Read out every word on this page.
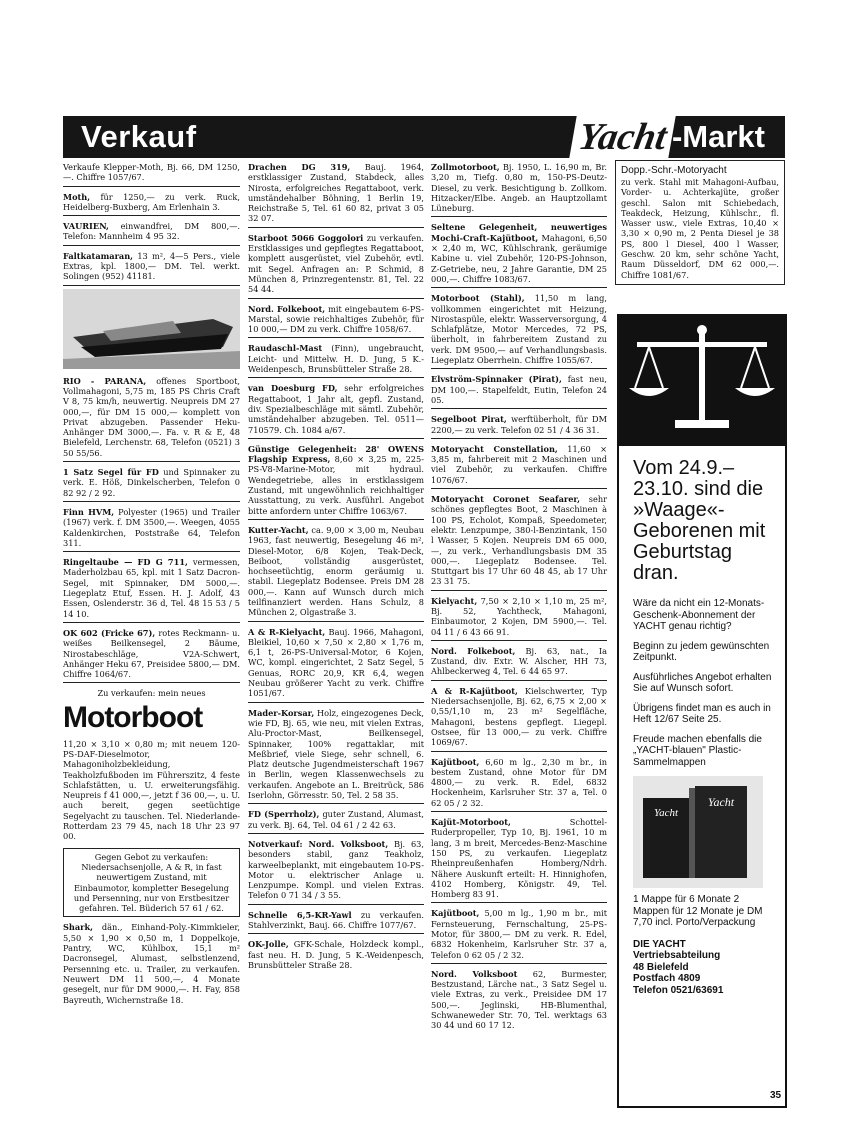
Verkauf	Yacht -Markt
Verkaufe Klepper-Moth, Bj. 66, DM 1250,—. Chiffre 1057/67.
Moth, für 1250,— zu verk. Ruck, Heidelberg-Buxberg, Am Erlenhain 3.
VAURIEN, einwandfrei, DM 800,—. Telefon: Mannheim 4 95 32.
Faltkatamaran, 13 m², 4—5 Pers., viele Extras, kpl. 1800,— DM. Tel. werkt. Solingen (952) 41181.
RIO - PARANA, offenes Sportboot, Vollmahagoni, 5,75 m, 185 PS Chris Craft V 8, 75 km/h, neuwertig. Neupreis DM 27 000,—, für DM 15 000,— komplett von Privat abzugeben. Passender Heku-Anhänger DM 3000,—. Fa. v. R & E, 48 Bielefeld, Lerchenstr. 68, Telefon (0521) 3 50 55/56.
1 Satz Segel für FD und Spinnaker zu verk. E. Höß, Dinkelscherben, Telefon 0 82 92 / 2 92.
Finn HVM, Polyester (1965) und Trailer (1967) verk. f. DM 3500,—. Weegen, 4055 Kaldenkirchen, Poststraße 64, Telefon 311.
Ringeltaube — FD G 711, vermessen, Maderholzbau 65, kpl. mit 1 Satz Dacron-Segel, mit Spinnaker, DM 5000,—. Liegeplatz Etuf, Essen. H. J. Adolf, 43 Essen, Oslenderstr. 36 d, Tel. 48 15 53 / 5 14 10.
OK 602 (Fricke 67), rotes Reckmann- u. weißes Beilkensegel, 2 Bäume, Nirostabeschläge, V2A-Schwert, Anhänger Heku 67, Preisidee 5800,— DM. Chiffre 1064/67.
Zu verkaufen: mein neues
Motorboot
11,20 × 3,10 × 0,80 m; mit neuem 120-PS-DAF-Dieselmotor, Mahagoniholzbekleidung, Teakholzfußboden im Führerszitz, 4 feste Schlafstätten, u. U. erweiterungsfähig. Neupreis f 41 000,—, jetzt f 36 00,—, u. U. auch bereit, gegen seetüchtige Segelyacht zu tauschen. Tel. Niederlande-Rotterdam 23 79 45, nach 18 Uhr 23 97 00.
Gegen Gebot zu verkaufen: Niedersachsenjolle, A & R, in fast neuwertigem Zustand, mit Einbaumotor, kompletter Besegelung und Persenning, nur von Erstbesitzer gefahren. Tel. Büderich 57 61 / 62.
Shark, dän., Einhand-Poly.-Kimmkieler, 5,50 × 1,90 × 0,50 m, 1 Doppelkoje, Pantry, WC, Kühlbox, 15,1 m² Dacronsegel, Alumast, selbstlenzend, Persenning etc. u. Trailer, zu verkaufen. Neuwert DM 11 500,—, 4 Monate gesegelt, nur für DM 9000,—. H. Fay, 858 Bayreuth, Wichernstraße 18.
Drachen DG 319, Bauj. 1964, erstklassiger Zustand, Stabdeck, alles Nirosta, erfolgreiches Regattaboot, verk. umständehalber Böhning, 1 Berlin 19, Reichstraße 5, Tel. 61 60 82, privat 3 05 32 07.
Starboot 5066 Goggolori zu verkaufen. Erstklassiges und gepflegtes Regattaboot, komplett ausgerüstet, viel Zubehör, evtl. mit Segel. Anfragen an: P. Schmid, 8 München 8, Prinzregentenstr. 81, Tel. 22 54 44.
Nord. Folkeboot, mit eingebautem 6-PS-Marstal, sowie reichhaltiges Zubehör, für 10 000,— DM zu verk. Chiffre 1058/67.
Raudaschl-Mast (Finn), ungebraucht, Leicht- und Mittelw. H. D. Jung, 5 K.-Weidenpesch, Brunsbütteler Straße 28.
van Doesburg FD, sehr erfolgreiches Regattaboot, 1 Jahr alt, gepfl. Zustand, div. Spezialbeschläge mit sämtl. Zubehör, umständehalber abzugeben. Tel. 0511—710579. Ch. 1084 a/67.
Günstige Gelegenheit: 28' OWENS Flagship Express, 8,60 × 3,25 m, 225-PS-V8-Marine-Motor, mit hydraul. Wendegetriebe, alles in erstklassigem Zustand, mit ungewöhnlich reichhaltiger Ausstattung, zu verk. Ausführl. Angebot bitte anfordern unter Chiffre 1063/67.
Kutter-Yacht, ca. 9,00 × 3,00 m, Neubau 1963, fast neuwertig, Besegelung 46 m², Diesel-Motor, 6/8 Kojen, Teak-Deck, Beiboot, vollständig ausgerüstet, hochseetüchtig, enorm geräumig u. stabil. Liegeplatz Bodensee. Preis DM 28 000,—. Kann auf Wunsch durch mich teilfinanziert werden. Hans Schulz, 8 München 2, Olgastraße 3.
A & R-Kielyacht, Bauj. 1966, Mahagoni, Bleikiel, 10,60 × 7,50 × 2,80 × 1,76 m, 6,1 t, 26-PS-Universal-Motor, 6 Kojen, WC, kompl. eingerichtet, 2 Satz Segel, 5 Genuas, RORC 20,9, KR 6,4, wegen Neubau größerer Yacht zu verk. Chiffre 1051/67.
Mader-Korsar, Holz, eingezogenes Deck, wie FD, Bj. 65, wie neu, mit vielen Extras, Alu-Proctor-Mast, Beilkensegel, Spinnaker, 100% regattaklar, mit Meßbrief, viele Siege, sehr schnell, 6. Platz deutsche Jugendmeisterschaft 1967 in Berlin, wegen Klassenwechsels zu verkaufen. Angebote an L. Breitrück, 586 Iserlohn, Görresstr. 50, Tel. 2 58 35.
FD (Sperrholz), guter Zustand, Alumast, zu verk. Bj. 64, Tel. 04 61 / 2 42 63.
Notverkauf: Nord. Volksboot, Bj. 63, besonders stabil, ganz Teakholz, karweelbeplankt, mit eingebautem 10-PS-Motor u. elektrischer Anlage u. Lenzpumpe. Kompl. und vielen Extras. Telefon 0 71 34 / 3 55.
Schnelle 6,5-KR-Yawl zu verkaufen. Stahlverzinkt, Bauj. 66. Chiffre 1077/67.
OK-Jolle, GFK-Schale, Holzdeck kompl., fast neu. H. D. Jung, 5 K.-Weidenpesch, Brunsbütteler Straße 28.
Zollmotorboot, Bj. 1950, L. 16,90 m, Br. 3,20 m, Tiefg. 0,80 m, 150-PS-Deutz-Diesel, zu verk. Besichtigung b. Zollkom. Hitzacker/Elbe. Angeb. an Hauptzollamt Lüneburg.
Seltene Gelegenheit, neuwertiges Mochi-Craft-Kajütboot, Mahagoni, 6,50 × 2,40 m, WC, Kühlschrank, geräumige Kabine u. viel Zubehör, 120-PS-Johnson, Z-Getriebe, neu, 2 Jahre Garantie, DM 25 000,—. Chiffre 1083/67.
Motorboot (Stahl), 11,50 m lang, vollkommen eingerichtet mit Heizung, Nirostaspüle, elektr. Wasserversorgung, 4 Schlafplätze, Motor Mercedes, 72 PS, überholt, in fahrbereitem Zustand zu verk. DM 9500,— auf Verhandlungsbasis. Liegeplatz Oberrhein. Chiffre 1055/67.
Elvström-Spinnaker (Pirat), fast neu, DM 100,—. Stapelfeldt, Eutin, Telefon 24 05.
Segelboot Pirat, werftüberholt, für DM 2200,— zu verk. Telefon 02 51 / 4 36 31.
Motoryacht Constellation, 11,60 × 3,85 m, fahrbereit mit 2 Maschinen und viel Zubehör, zu verkaufen. Chiffre 1076/67.
Motoryacht Coronet Seafarer, sehr schönes gepflegtes Boot, 2 Maschinen à 100 PS, Echolot, Kompaß, Speedometer, elektr. Lenzpumpe, 380-l-Benzintank, 150 l Wasser, 5 Kojen. Neupreis DM 65 000,—, zu verk., Verhandlungsbasis DM 35 000,—. Liegeplatz Bodensee. Tel. Stuttgart bis 17 Uhr 60 48 45, ab 17 Uhr 23 31 75.
Kielyacht, 7,50 × 2,10 × 1,10 m, 25 m², Bj. 52, Yachtheck, Mahagoni, Einbaumotor, 2 Kojen, DM 5900,—. Tel. 04 11 / 6 43 66 91.
Nord. Folkeboot, Bj. 63, nat., Ia Zustand, div. Extr. W. Alscher, HH 73, Ahlbeckerweg 4, Tel. 6 44 65 97.
A & R-Kajütboot, Kielschwerter, Typ Niedersachsenjolle, Bj. 62, 6,75 × 2,00 × 0,55/1,10 m, 23 m² Segelfläche, Mahagoni, bestens gepflegt. Liegepl. Ostsee, für 13 000,— zu verk. Chiffre 1069/67.
Kajütboot, 6,60 m lg., 2,30 m br., in bestem Zustand, ohne Motor für DM 4800,— zu verk. R. Edel, 6832 Hockenheim, Karlsruher Str. 37 a, Tel. 0 62 05 / 2 32.
Kajüt-Motorboot,	Schottel-Ruderpropeller, Typ 10, Bj. 1961, 10 m lang, 3 m breit, Mercedes-Benz-Maschine 150 PS, zu verkaufen. Liegeplatz Rheinpreußenhafen Homberg/Ndrh. Nähere Auskunft erteilt: H. Hinnighofen, 4102 Homberg, Königstr. 49, Tel. Homberg 83 91.
Kajütboot, 5,00 m lg., 1,90 m br., mit Fernsteuerung, Fernschaltung, 25-PS-Motor, für 3800,— DM zu verk. R. Edel, 6832 Hokenheim, Karlsruher Str. 37 a, Telefon 0 62 05 / 2 32.
Nord. Volksboot 62, Burmester, Bestzustand, Lärche nat., 3 Satz Segel u. viele Extras, zu verk., Preisidee DM 17 500,—. Jeglinski, HB-Blumenthal, Schwaneweder Str. 70, Tel. werktags 63 30 44 und 60 17 12.
Dopp.-Schr.-Motoryacht
zu verk. Stahl mit Mahagoni-Aufbau, Vorder- u. Achterkajüte, großer geschl. Salon mit Schiebedach, Teakdeck, Heizung, Kühlschr., fl. Wasser usw., viele Extras, 10,40 × 3,30 × 0,90 m, 2 Penta Diesel je 38 PS, 800 l Diesel, 400 l Wasser, Geschw. 20 km, sehr schöne Yacht, Raum Düsseldorf, DM 62 000,—. Chiffre 1081/67.
Vom 24.9.–23.10. sind die »Waage«-Geborenen mit Geburtstag dran.

Wäre da nicht ein 12-Monats-Geschenk-Abonnement der YACHT genau richtig?

Beginn zu jedem gewünschten Zeitpunkt.

Ausführliches Angebot erhalten Sie auf Wunsch sofort.

Übrigens findet man es auch in Heft 12/67 Seite 25.

Freude machen ebenfalls die „YACHT-blauen" Plastic-Sammelmappen

Yacht
Yacht
1 Mappe für 6 Monate 2 Mappen für 12 Monate je DM 7,70 incl. Porto/Verpackung
DIE YACHT
Vertriebsabteilung
48 Bielefeld
Postfach 4809
Telefon 0521/63691
35
